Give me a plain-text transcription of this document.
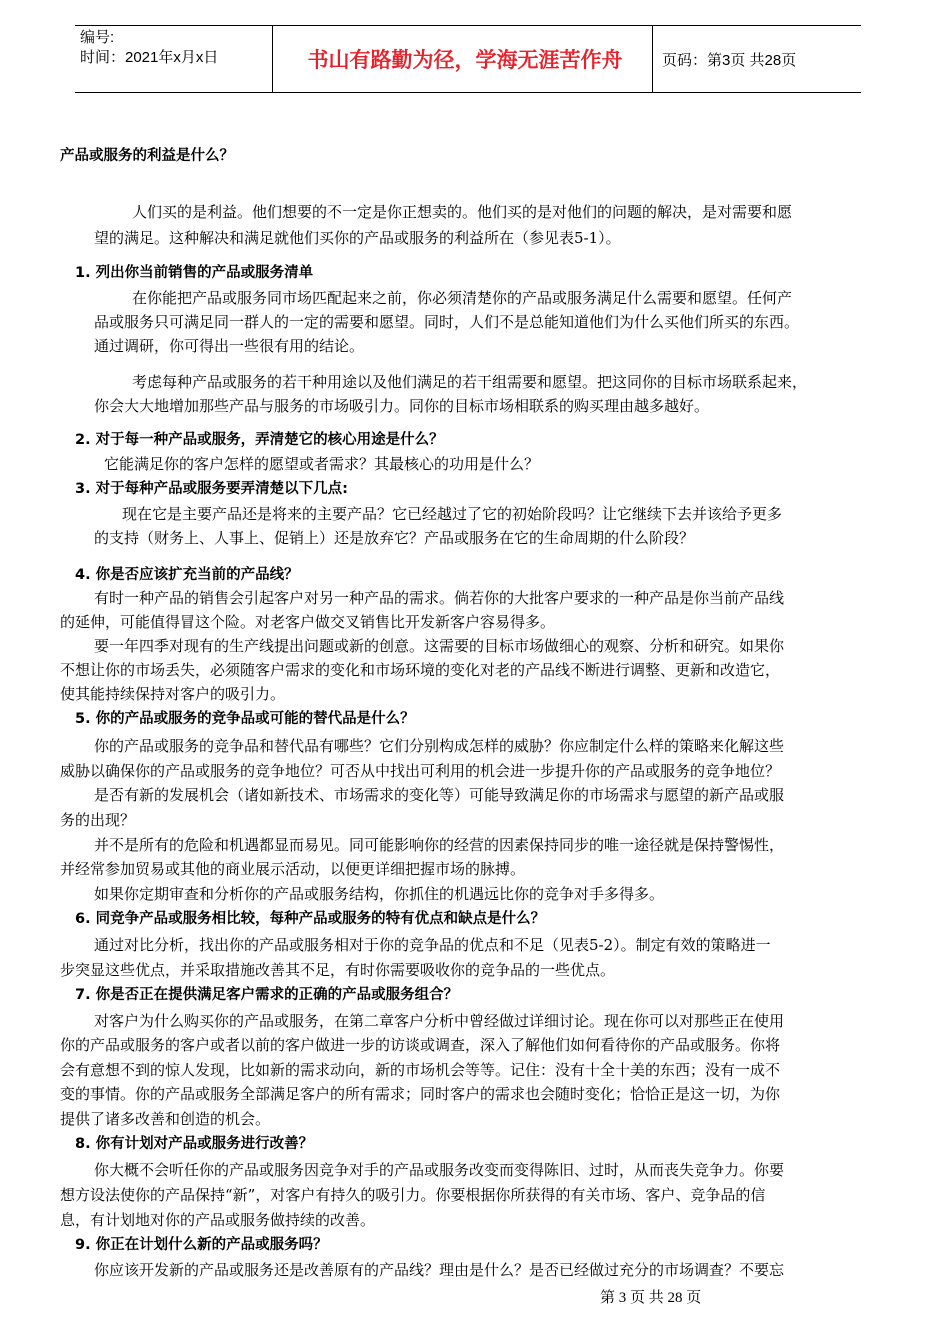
编号:
时间：2021年x月x日	书山有路勤为径，学海无涯苦作舟	页码：第3页 共28页
产品或服务的利益是什么？
人们买的是利益。他们想要的不一定是你正想卖的。他们买的是对他们的问题的解决，是对需要和愿
望的满足。这种解决和满足就他们买你的产品或服务的利益所在（参见表5-1）。
1. 列出你当前销售的产品或服务清单
在你能把产品或服务同市场匹配起来之前，你必须清楚你的产品或服务满足什么需要和愿望。任何产
品或服务只可满足同一群人的一定的需要和愿望。同时，人们不是总能知道他们为什么买他们所买的东西。
通过调研，你可得出一些很有用的结论。
考虑每种产品或服务的若干种用途以及他们满足的若干组需要和愿望。把这同你的目标市场联系起来，
你会大大地增加那些产品与服务的市场吸引力。同你的目标市场相联系的购买理由越多越好。
2. 对于每一种产品或服务，弄清楚它的核心用途是什么？
它能满足你的客户怎样的愿望或者需求？其最核心的功用是什么？
3. 对于每种产品或服务要弄清楚以下几点:
现在它是主要产品还是将来的主要产品？它已经越过了它的初始阶段吗？让它继续下去并该给予更多
的支持（财务上、人事上、促销上）还是放弃它？产品或服务在它的生命周期的什么阶段？
4. 你是否应该扩充当前的产品线？
有时一种产品的销售会引起客户对另一种产品的需求。倘若你的大批客户要求的一种产品是你当前产品线
的延伸，可能值得冒这个险。对老客户做交叉销售比开发新客户容易得多。
要一年四季对现有的生产线提出问题或新的创意。这需要的目标市场做细心的观察、分析和研究。如果你
不想让你的市场丢失，必须随客户需求的变化和市场环境的变化对老的产品线不断进行调整、更新和改造它，
使其能持续保持对客户的吸引力。
5. 你的产品或服务的竞争品或可能的替代品是什么？
你的产品或服务的竞争品和替代品有哪些？它们分别构成怎样的威胁？你应制定什么样的策略来化解这些
威胁以确保你的产品或服务的竞争地位？可否从中找出可利用的机会进一步提升你的产品或服务的竞争地位？
是否有新的发展机会（诸如新技术、市场需求的变化等）可能导致满足你的市场需求与愿望的新产品或服
务的出现？
并不是所有的危险和机遇都显而易见。同可能影响你的经营的因素保持同步的唯一途径就是保持警惕性，
并经常参加贸易或其他的商业展示活动，以便更详细把握市场的脉搏。
如果你定期审查和分析你的产品或服务结构，你抓住的机遇远比你的竞争对手多得多。
6. 同竞争产品或服务相比较，每种产品或服务的特有优点和缺点是什么？
通过对比分析，找出你的产品或服务相对于你的竞争品的优点和不足（见表5-2）。制定有效的策略进一
步突显这些优点，并采取措施改善其不足，有时你需要吸收你的竞争品的一些优点。
7. 你是否正在提供满足客户需求的正确的产品或服务组合？
对客户为什么购买你的产品或服务，在第二章客户分析中曾经做过详细讨论。现在你可以对那些正在使用
你的产品或服务的客户或者以前的客户做进一步的访谈或调查，深入了解他们如何看待你的产品或服务。你将
会有意想不到的惊人发现，比如新的需求动向，新的市场机会等等。记住：没有十全十美的东西；没有一成不
变的事情。你的产品或服务全部满足客户的所有需求；同时客户的需求也会随时变化；恰恰正是这一切，为你
提供了诸多改善和创造的机会。
8. 你有计划对产品或服务进行改善？
你大概不会听任你的产品或服务因竞争对手的产品或服务改变而变得陈旧、过时，从而丧失竞争力。你要
想方设法使你的产品保持“新”，对客户有持久的吸引力。你要根据你所获得的有关市场、客户、竞争品的信
息，有计划地对你的产品或服务做持续的改善。
9. 你正在计划什么新的产品或服务吗？
你应该开发新的产品或服务还是改善原有的产品线？理由是什么？是否已经做过充分的市场调查？不要忘
第 3 页 共 28 页
